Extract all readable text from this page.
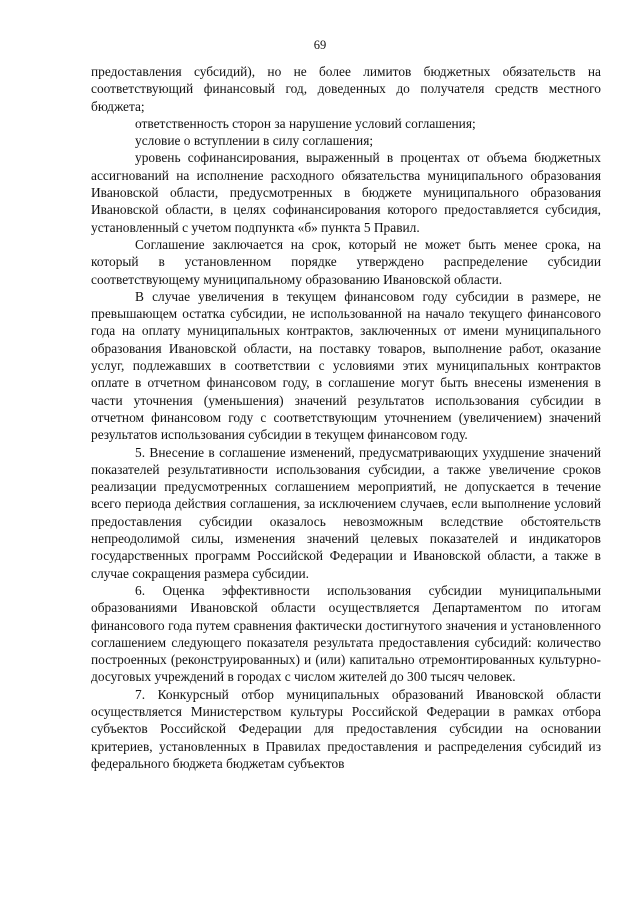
69

предоставления субсидий), но не более лимитов бюджетных обязательств на соответствующий финансовый год, доведенных до получателя средств местного бюджета;

ответственность сторон за нарушение условий соглашения;

условие о вступлении в силу соглашения;

уровень софинансирования, выраженный в процентах от объема бюджетных ассигнований на исполнение расходного обязательства муниципального образования Ивановской области, предусмотренных в бюджете муниципального образования Ивановской области, в целях софинансирования которого предоставляется субсидия, установленный с учетом подпункта «б» пункта 5 Правил.

Соглашение заключается на срок, который не может быть менее срока, на который в установленном порядке утверждено распределение субсидии соответствующему муниципальному образованию Ивановской области.

В случае увеличения в текущем финансовом году субсидии в размере, не превышающем остатка субсидии, не использованной на начало текущего финансового года на оплату муниципальных контрактов, заключенных от имени муниципального образования Ивановской области, на поставку товаров, выполнение работ, оказание услуг, подлежавших в соответствии с условиями этих муниципальных контрактов оплате в отчетном финансовом году, в соглашение могут быть внесены изменения в части уточнения (уменьшения) значений результатов использования субсидии в отчетном финансовом году с соответствующим уточнением (увеличением) значений результатов использования субсидии в текущем финансовом году.

5. Внесение в соглашение изменений, предусматривающих ухудшение значений показателей результативности использования субсидии, а также увеличение сроков реализации предусмотренных соглашением мероприятий, не допускается в течение всего периода действия соглашения, за исключением случаев, если выполнение условий предоставления субсидии оказалось невозможным вследствие обстоятельств непреодолимой силы, изменения значений целевых показателей и индикаторов государственных программ Российской Федерации и Ивановской области, а также в случае сокращения размера субсидии.

6. Оценка эффективности использования субсидии муниципальными образованиями Ивановской области осуществляется Департаментом по итогам финансового года путем сравнения фактически достигнутого значения и установленного соглашением следующего показателя результата предоставления субсидий: количество построенных (реконструированных) и (или) капитально отремонтированных культурно-досуговых учреждений в городах с числом жителей до 300 тысяч человек.

7. Конкурсный отбор муниципальных образований Ивановской области осуществляется Министерством культуры Российской Федерации в рамках отбора субъектов Российской Федерации для предоставления субсидии на основании критериев, установленных в Правилах предоставления и распределения субсидий из федерального бюджета бюджетам субъектов
